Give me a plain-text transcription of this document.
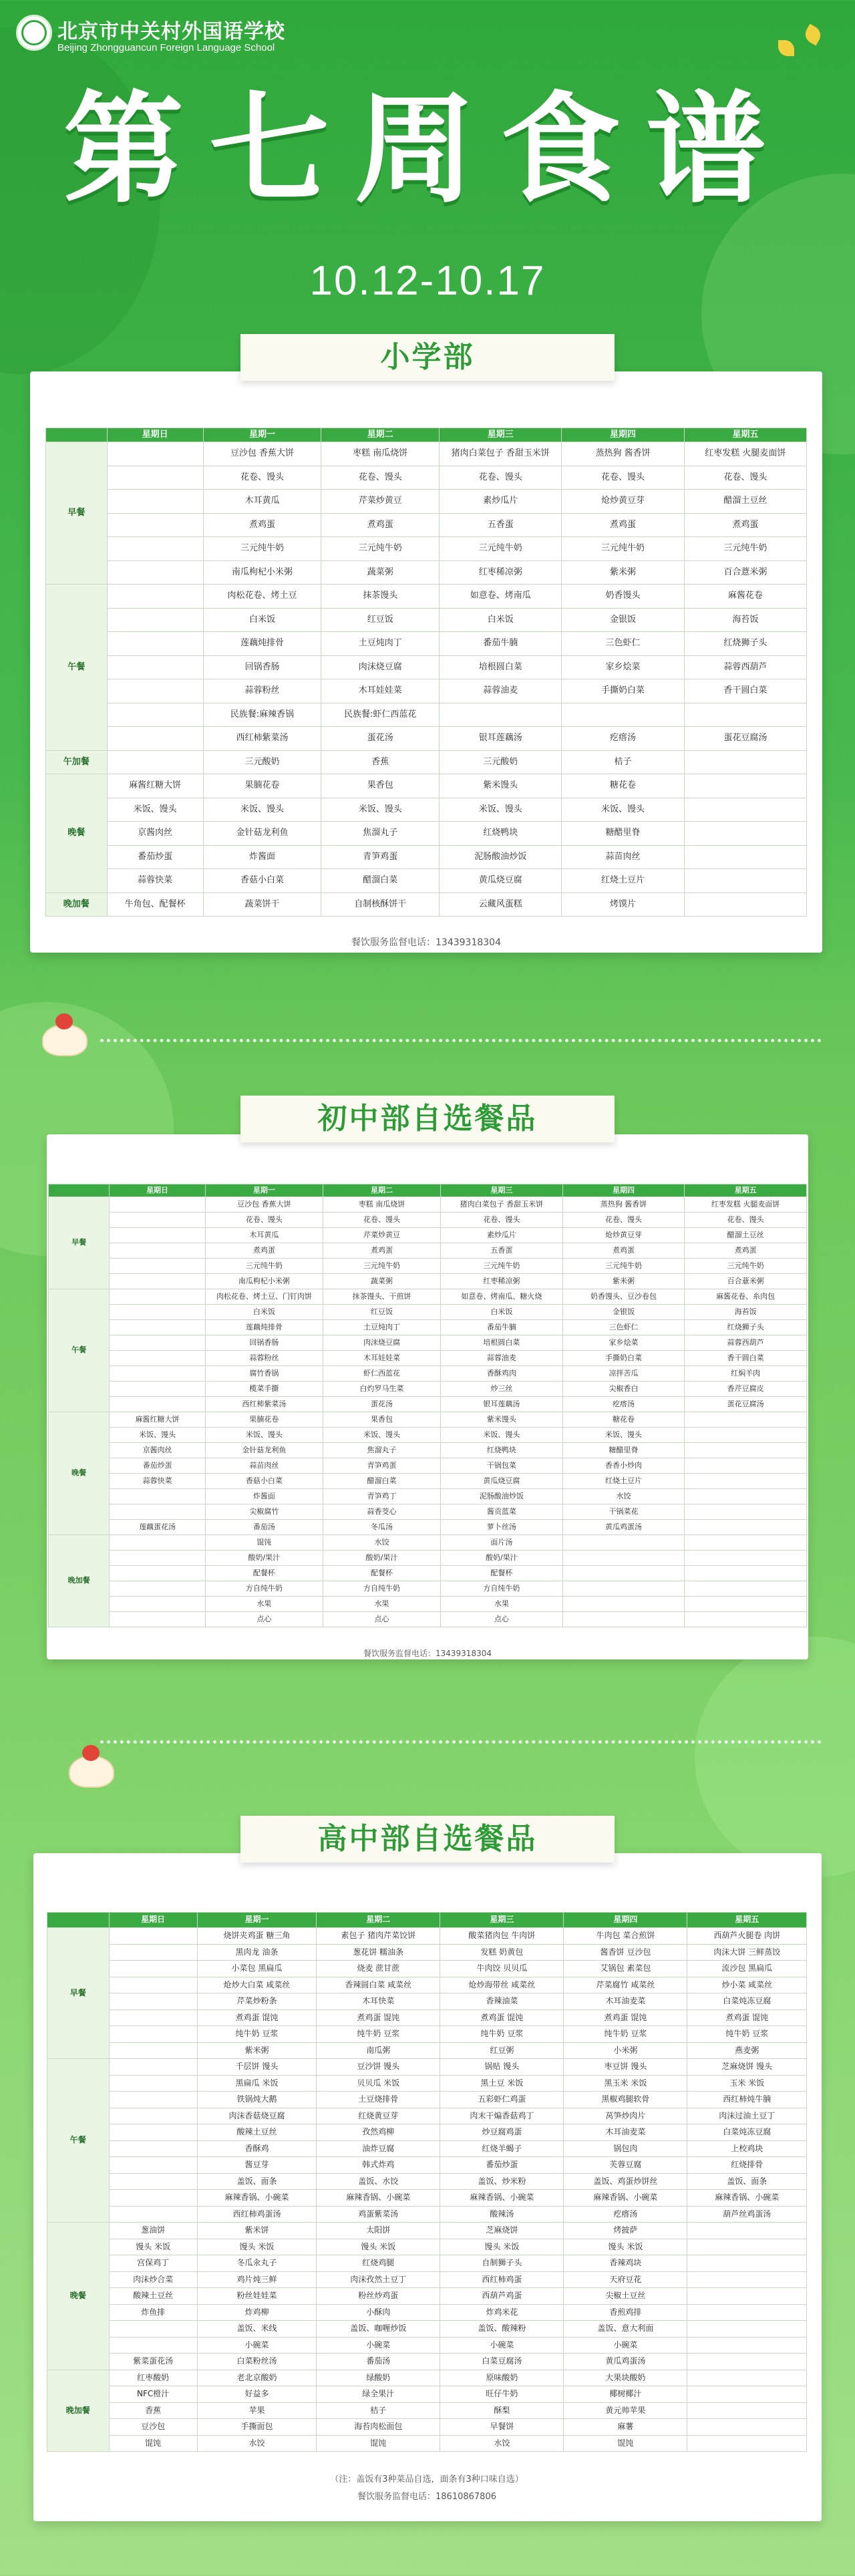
北京市中关村外国语学校
Beijing Zhongguancun Foreign Language School
第七周食谱
10.12-10.17
小学部
	星期日	星期一	星期二	星期三	星期四	星期五
早餐		豆沙包 香蕉大饼	枣糕 南瓜烧饼	猪肉白菜包子 香甜玉米饼	蒸热狗 酱香饼	红枣发糕 火腿麦面饼
		花卷、馒头	花卷、馒头	花卷、馒头	花卷、馒头	花卷、馒头
		木耳黄瓜	芹菜炒黄豆	素炒瓜片	炝炒黄豆芽	醋溜土豆丝
		煮鸡蛋	煮鸡蛋	五香蛋	煮鸡蛋	煮鸡蛋
		三元纯牛奶	三元纯牛奶	三元纯牛奶	三元纯牛奶	三元纯牛奶
		南瓜枸杞小米粥	蔬菜粥	红枣稀凉粥	紫米粥	百合薏米粥
午餐		肉松花卷、烤土豆	抹茶馒头	如意卷、烤南瓜	奶香馒头	麻酱花卷
		白米饭	红豆饭	白米饭	金银饭	海苔饭
		莲藕炖排骨	土豆炖肉丁	番茄牛腩	三色虾仁	红烧狮子头
		回锅香肠	肉沫烧豆腐	培根圆白菜	家乡烩菜	蒜蓉西葫芦
		蒜蓉粉丝	木耳娃娃菜	蒜蓉油麦	手撕奶白菜	香干圆白菜
		民族餐:麻辣香锅	民族餐:虾仁西蓝花			
		西红柿紫菜汤	蛋花汤	银耳莲藕汤	疙瘩汤	蛋花豆腐汤
午加餐		三元酸奶	香蕉	三元酸奶	桔子	
晚餐	麻酱红糖大饼	果腩花卷	果香包	紫米馒头	糖花卷	
	米饭、馒头	米饭、馒头	米饭、馒头	米饭、馒头	米饭、馒头	
	京酱肉丝	金针菇龙利鱼	焦溜丸子	红烧鸭块	糖醋里脊	
	番茄炒蛋	炸酱面	青笋鸡蛋	泥肠酸油炒饭	蒜苗肉丝	
	蒜蓉快菜	香菇小白菜	醋溜白菜	黄瓜烧豆腐	红烧土豆片	
晚加餐	牛角包、配餐杯	蔬菜饼干	自制核酥饼干	云藏风蛋糕	烤馍片	
餐饮服务监督电话：13439318304
初中部自选餐品
	星期日	星期一	星期二	星期三	星期四	星期五
早餐		豆沙包 香蕉大饼	枣糕 南瓜烧饼	猪肉白菜包子 香甜玉米饼	蒸热狗 酱香饼	红枣发糕 火腿麦面饼
		花卷、馒头	花卷、馒头	花卷、馒头	花卷、馒头	花卷、馒头
		木耳黄瓜	芹菜炒黄豆	素炒瓜片	炝炒黄豆芽	醋溜土豆丝
		煮鸡蛋	煮鸡蛋	五香蛋	煮鸡蛋	煮鸡蛋
		三元纯牛奶	三元纯牛奶	三元纯牛奶	三元纯牛奶	三元纯牛奶
		南瓜枸杞小米粥	蔬菜粥	红枣稀凉粥	紫米粥	百合薏米粥
午餐		肉松花卷、烤土豆、门钉肉饼	抹茶馒头、干煎饼	如意卷、烤南瓜、糖火烧	奶香馒头、豆沙卷包	麻酱花卷、糸肉包
		白米饭	红豆饭	白米饭	金银饭	海苔饭
		莲藕炖排骨	土豆炖肉丁	番茄牛腩	三色虾仁	红烧狮子头
		回锅香肠	肉沫烧豆腐	培根圆白菜	家乡烩菜	蒜蓉西葫芦
		蒜蓉粉丝	木耳娃娃菜	蒜蓉油麦	手撕奶白菜	香干圆白菜
		腐竹香锅	虾仁西蓝花	香酥鸡肉	凉拌苦瓜	红焖羊肉
		榄菜手撕	白灼罗马生菜	炒三丝	尖椒香白	香芹豆腐皮
		西红柿紫菜汤	蛋花汤	银耳莲藕汤	疙瘩汤	蛋花豆腐汤
晚餐	麻酱红糖大饼	果腩花卷	果香包	紫米馒头	糖花卷	
	米饭、馒头	米饭、馒头	米饭、馒头	米饭、馒头	米饭、馒头	
	京酱肉丝	金针菇龙利鱼	焦溜丸子	红烧鸭块	糖醋里脊	
	番茄炒蛋	蒜苗肉丝	青笋鸡蛋	干锅包菜	香香小炒肉	
	蒜蓉快菜	香菇小白菜	醋溜白菜	黄瓜烧豆腐	红烧土豆片	
		炸酱面	青笋鸡丁	泥肠酸油炒饭	水饺	
		尖椒腐竹	蒜香茭心	酱贡蓝菜	干锅菜花	
	莲藕蛋花汤	番茄汤	冬瓜汤	萝卜丝汤	黄瓜鸡蛋汤	
晚加餐		馄饨	水饺	面片汤		
		酸奶/果汁	酸奶/果汁	酸奶/果汁		
		配餐杯	配餐杯	配餐杯		
		方自纯牛奶	方自纯牛奶	方自纯牛奶		
		水果	水果	水果		
		点心	点心	点心		
餐饮服务监督电话：13439318304
高中部自选餐品
	星期日	星期一	星期二	星期三	星期四	星期五
早餐		烧饼夹鸡蛋 糖三角	素包子 猪肉芹菜饺饼	酸菜猪肉包 牛肉饼	牛肉包 菜合煎饼	西葫芦火腿卷 肉饼
		黑肉龙 油条	葱花饼 糯油条	发糕 奶黄包	酱香饼 豆沙包	肉沫大饼 三鲜蒸饺
		小菜包 黑扁瓜	烧麦 蔗甘蔗	牛肉饺 贝贝瓜	艾锅包 素菜包	流沙包 黑扁瓜
		炝炒大白菜 咸菜丝	香辣圆白菜 咸菜丝	炝炒海带丝 咸菜丝	芹菜腐竹 咸菜丝	炒小菜 咸菜丝
		芹菜炒粉条	木耳快菜	香辣油菜	木耳油麦菜	白菜炖冻豆腐
		煮鸡蛋 馄饨	煮鸡蛋 馄饨	煮鸡蛋 馄饨	煮鸡蛋 馄饨	煮鸡蛋 馄饨
		纯牛奶 豆浆	纯牛奶 豆浆	纯牛奶 豆浆	纯牛奶 豆浆	纯牛奶 豆浆
		紫米粥	南瓜粥	红豆粥	小米粥	燕麦粥
午餐		千层饼 馒头	豆沙饼 馒头	锅贴 馒头	枣豆饼 馒头	芝麻烧饼 馒头
		黑扁瓜 米饭	贝贝瓜 米饭	黑土豆 米饭	黑玉米 米饭	玉米 米饭
		铁锅炖大鹅	土豆烧排骨	五彩虾仁鸡蛋	黑椒鸡腿软骨	西红柿炖牛腩
		肉沫香菇烧豆腐	红烧黄豆芽	肉末干煸香菇鸡丁	莴笋炒肉片	肉沫过油土豆丁
		酸辣土豆丝	孜然鸡柳	炒豆腐鸡蛋	木耳油麦菜	白菜炖冻豆腐
		香酥鸡	油炸豆腐	红烧羊蝎子	锅包肉	上校鸡块
		酱豆芽	韩式炸鸡	番茄炒蛋	芙蓉豆腐	红烧排骨
		盖饭、面条	盖饭、水饺	盖饭、炒米粉	盖饭、鸡蛋炒饼丝	盖饭、面条
		麻辣香锅、小碗菜	麻辣香锅、小碗菜	麻辣香锅、小碗菜	麻辣香锅、小碗菜	麻辣香锅、小碗菜
		西红柿鸡蛋汤	鸡蛋紫菜汤	酸辣汤	疙瘩汤	葫芦丝鸡蛋汤
晚餐	葱油饼	紫米饼	太阳饼	芝麻烧饼	烤披萨	
	馒头 米饭	馒头 米饭	馒头 米饭	馒头 米饭	馒头 米饭	
	宫保鸡丁	冬瓜汆丸子	红烧鸡腿	自制狮子头	香辣鸡块	
	肉沫炒合菜	鸡片炖三鲜	肉沫孜然土豆丁	西红柿鸡蛋	天府豆花	
	酸辣土豆丝	粉丝娃娃菜	粉丝炒鸡蛋	西葫芦鸡蛋	尖椒土豆丝	
	炸鱼排	炸鸡柳	小酥肉	炸鸡米花	香煎鸡排	
		盖饭、米线	盖饭、咖喱炒饭	盖饭、酸辣粉	盖饭、意大利面	
		小碗菜	小碗菜	小碗菜	小碗菜	
	紫菜蛋花汤	白菜粉丝汤	番茄汤	白菜豆腐汤	黄瓜鸡蛋汤	
晚加餐	红枣酸奶	老北京酸奶	绿酸奶	原味酸奶	大果块酸奶	
	NFC橙汁	好益多	绿全果汁	旺仔牛奶	椰树椰汁	
	香蕉	苹果	桔子	酥梨	黄元帅苹果	
	豆沙包	手撕面包	海苔肉松面包	早餐饼	麻薯	
	馄饨	水饺	馄饨	水饺	馄饨	
（注：盖饭有3种菜品自选，面条有3种口味自选）
餐饮服务监督电话：18610867806
